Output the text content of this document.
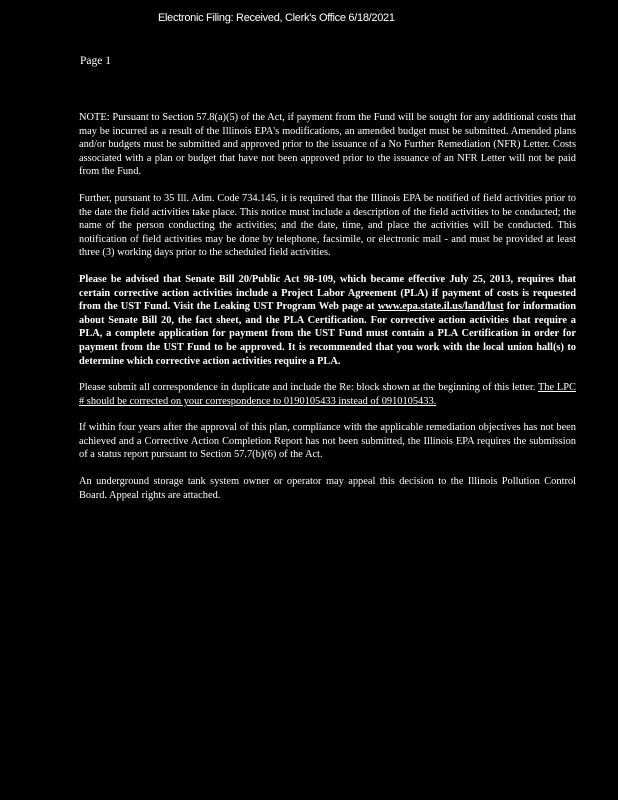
Electronic Filing: Received, Clerk's Office 6/18/2021
Page 1

NOTE: Pursuant to Section 57.8(a)(5) of the Act, if payment from the Fund will be sought for any additional costs that may be incurred as a result of the Illinois EPA's modifications, an amended budget must be submitted. Amended plans and/or budgets must be submitted and approved prior to the issuance of a No Further Remediation (NFR) Letter. Costs associated with a plan or budget that have not been approved prior to the issuance of an NFR Letter will not be paid from the Fund.

Further, pursuant to 35 Ill. Adm. Code 734.145, it is required that the Illinois EPA be notified of field activities prior to the date the field activities take place. This notice must include a description of the field activities to be conducted; the name of the person conducting the activities; and the date, time, and place the activities will be conducted. This notification of field activities may be done by telephone, facsimile, or electronic mail - and must be provided at least three (3) working days prior to the scheduled field activities.

Please be advised that Senate Bill 20/Public Act 98-109, which became effective July 25, 2013, requires that certain corrective action activities include a Project Labor Agreement (PLA) if payment of costs is requested from the UST Fund. Visit the Leaking UST Program Web page at www.epa.state.il.us/land/lust for information about Senate Bill 20, the fact sheet, and the PLA Certification. For corrective action activities that require a PLA, a complete application for payment from the UST Fund must contain a PLA Certification in order for payment from the UST Fund to be approved. It is recommended that you work with the local union hall(s) to determine which corrective action activities require a PLA.

Please submit all correspondence in duplicate and include the Re: block shown at the beginning of this letter. The LPC # should be corrected on your correspondence to 0190105433 instead of 0910105433.

If within four years after the approval of this plan, compliance with the applicable remediation objectives has not been achieved and a Corrective Action Completion Report has not been submitted, the Illinois EPA requires the submission of a status report pursuant to Section 57.7(b)(6) of the Act.

An underground storage tank system owner or operator may appeal this decision to the Illinois Pollution Control Board. Appeal rights are attached.
